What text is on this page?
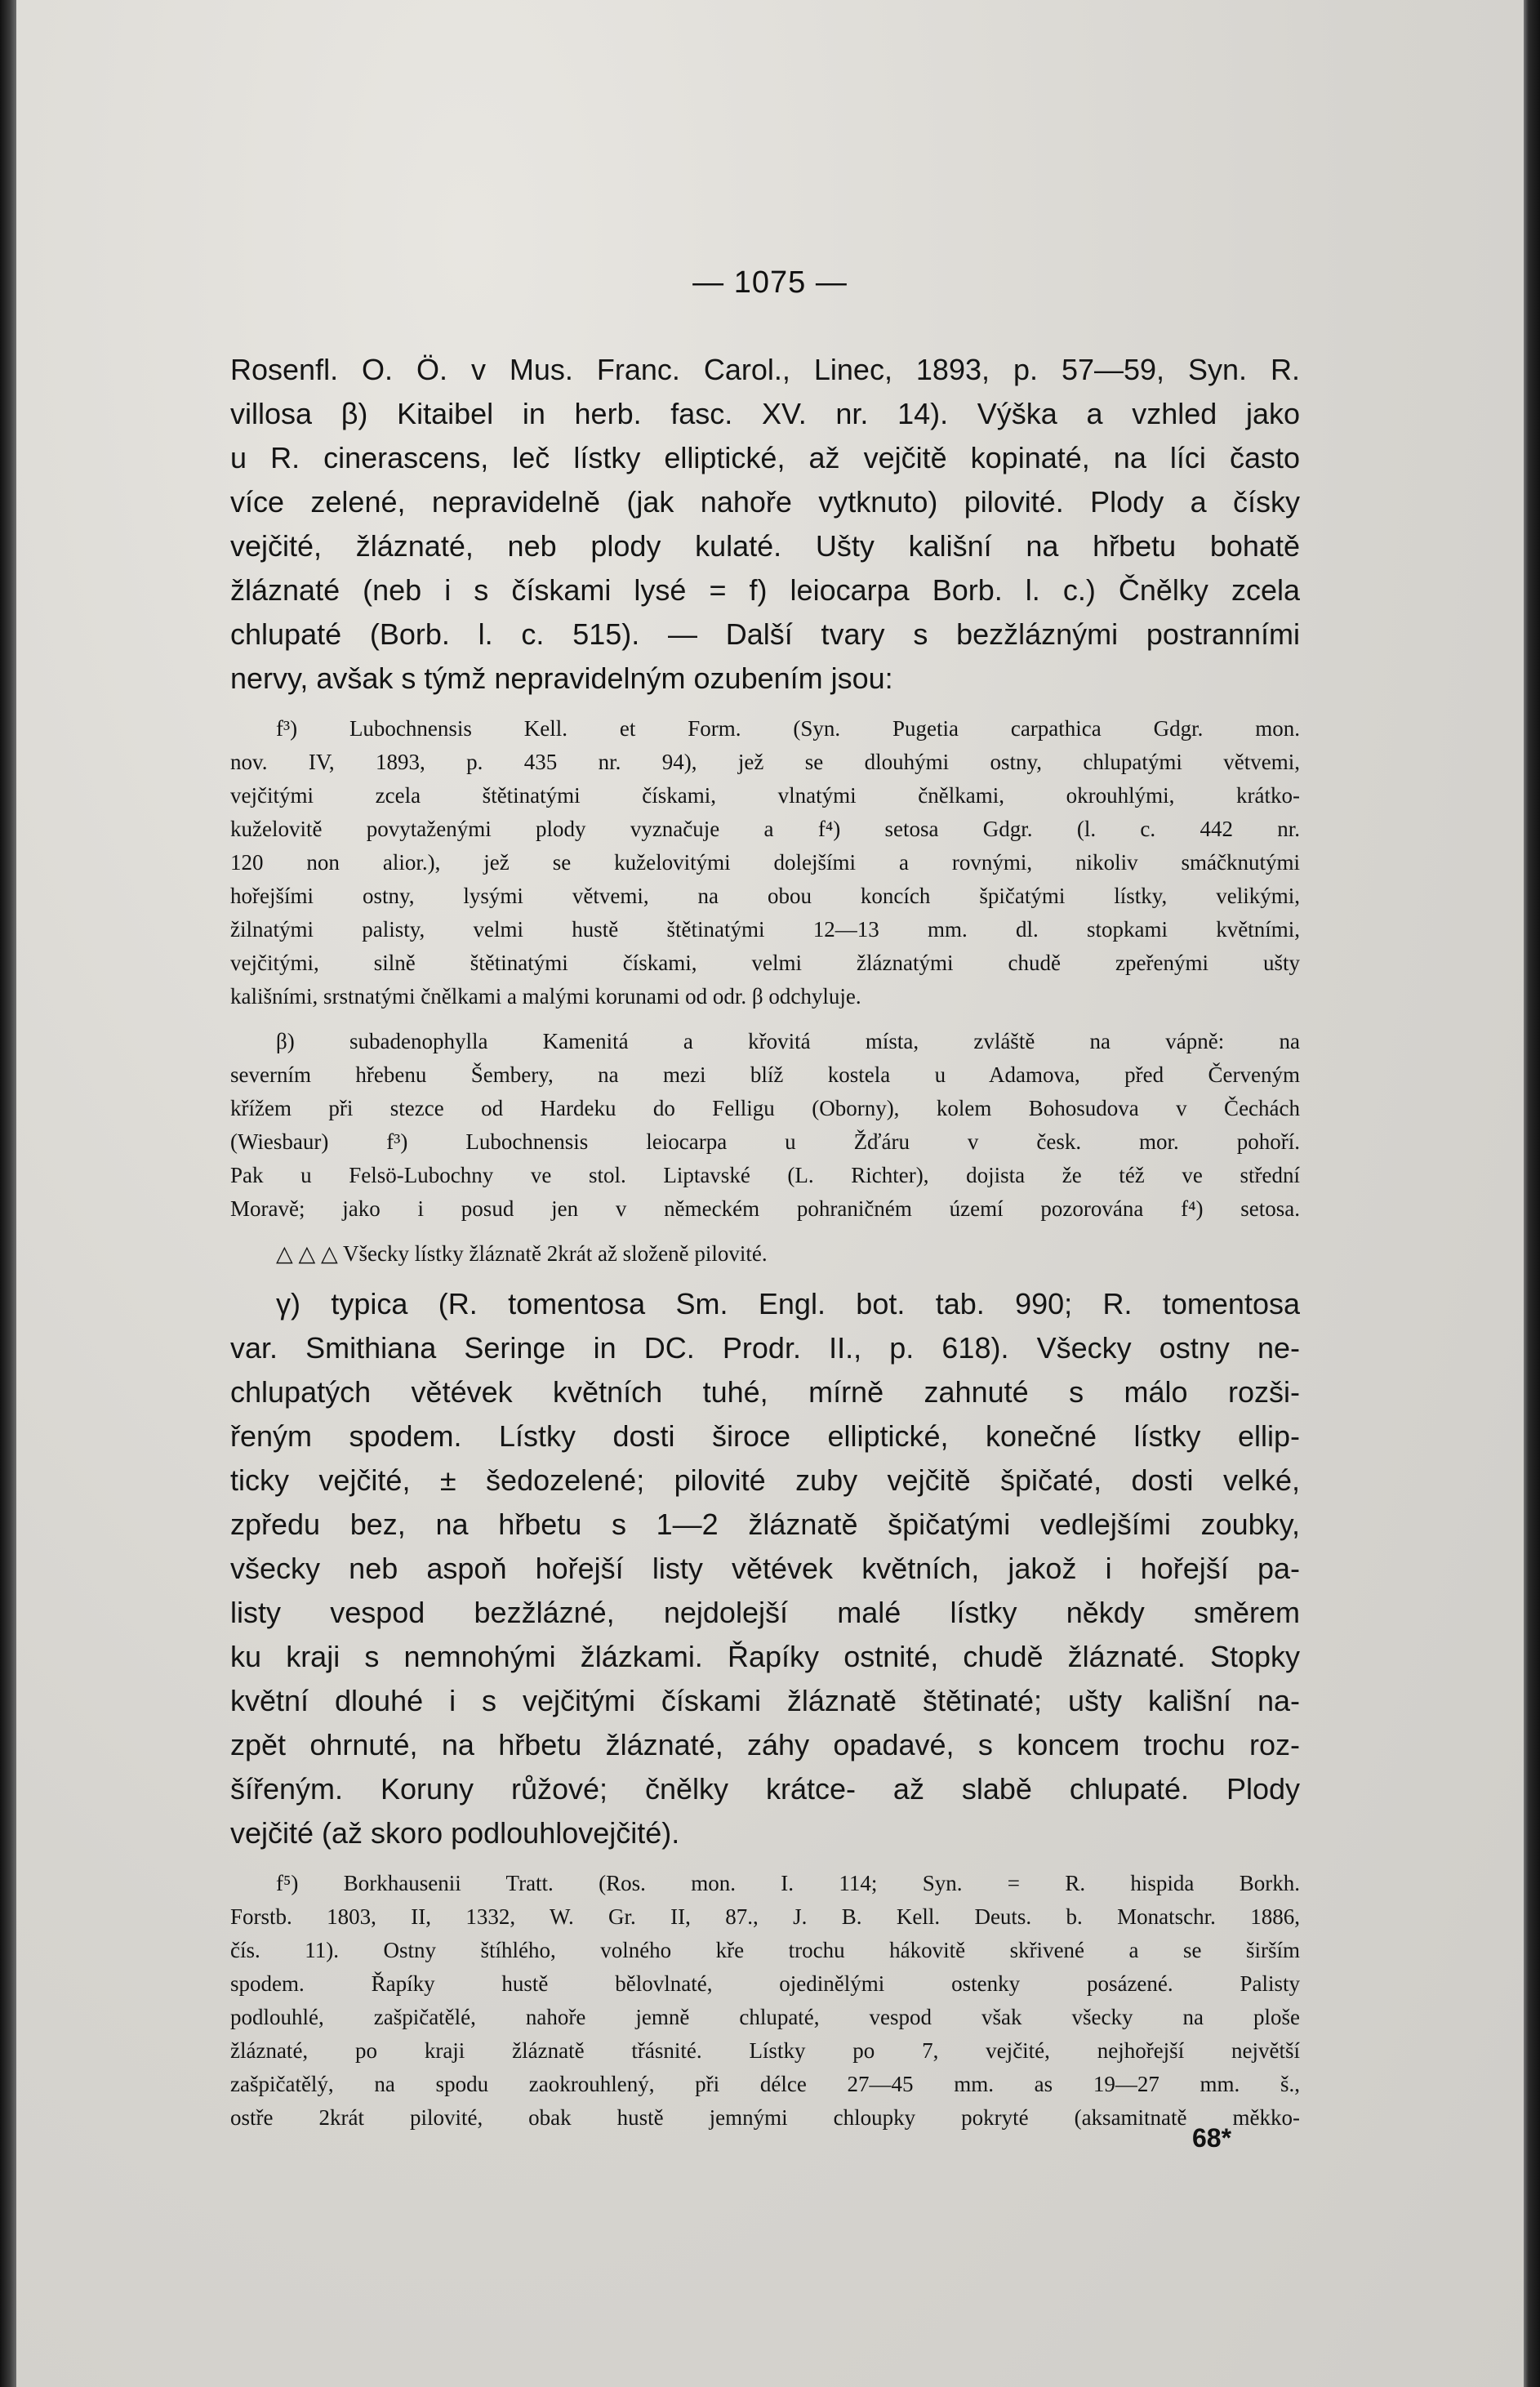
— 1075 —
Rosenfl. O. Ö. v Mus. Franc. Carol., Linec, 1893, p. 57—59, Syn. R.
villosa β) Kitaibel in herb. fasc. XV. nr. 14). Výška a vzhled jako
u R. cinerascens, leč lístky elliptické, až vejčitě kopinaté, na líci často
více zelené, nepravidelně (jak nahoře vytknuto) pilovité. Plody a čísky
vejčité, žláznaté, neb plody kulaté. Ušty kališní na hřbetu bohatě
žláznaté (neb i s čískami lysé = f) leiocarpa Borb. l. c.) Čnělky zcela
chlupaté (Borb. l. c. 515). — Další tvary s bezžláznými postranními
nervy, avšak s týmž nepravidelným ozubením jsou:
f³) Lubochnensis Kell. et Form. (Syn. Pugetia carpathica Gdgr. mon.
nov. IV, 1893, p. 435 nr. 94), jež se dlouhými ostny, chlupatými větvemi,
vejčitými zcela štětinatými čískami, vlnatými čnělkami, okrouhlými, krátko-
kuželovitě povytaženými plody vyznačuje a f⁴) setosa Gdgr. (l. c. 442 nr.
120 non alior.), jež se kuželovitými dolejšími a rovnými, nikoliv smáčknutými
hořejšími ostny, lysými větvemi, na obou koncích špičatými lístky, velikými,
žilnatými palisty, velmi hustě štětinatými 12—13 mm. dl. stopkami květními,
vejčitými, silně štětinatými čískami, velmi žláznatými chudě zpeřenými ušty
kališními, srstnatými čnělkami a malými korunami od odr. β odchyluje.
β) subadenophylla Kamenitá a křovitá místa, zvláště na vápně: na
severním hřebenu Šembery, na mezi blíž kostela u Adamova, před Červeným
křížem při stezce od Hardeku do Felligu (Oborny), kolem Bohosudova v Čechách
(Wiesbaur) f³) Lubochnensis leiocarpa u Žďáru v česk. mor. pohoří.
Pak u Felsö-Lubochny ve stol. Liptavské (L. Richter), dojista že též ve střední
Moravě; jako i posud jen v německém pohraničném území pozorována f⁴) setosa.
△ △ △ Všecky lístky žláznatě 2krát až složeně pilovité.
γ) typica (R. tomentosa Sm. Engl. bot. tab. 990; R. tomentosa
var. Smithiana Seringe in DC. Prodr. II., p. 618). Všecky ostny ne-
chlupatých větévek květních tuhé, mírně zahnuté s málo rozši-
řeným spodem. Lístky dosti široce elliptické, konečné lístky ellip-
ticky vejčité, ± šedozelené; pilovité zuby vejčitě špičaté, dosti velké,
zpředu bez, na hřbetu s 1—2 žláznatě špičatými vedlejšími zoubky,
všecky neb aspoň hořejší listy větévek květních, jakož i hořejší pa-
listy vespod bezžlázné, nejdolejší malé lístky někdy směrem
ku kraji s nemnohými žlázkami. Řapíky ostnité, chudě žláznaté. Stopky
květní dlouhé i s vejčitými čískami žláznatě štětinaté; ušty kališní na-
zpět ohrnuté, na hřbetu žláznaté, záhy opadavé, s koncem trochu roz-
šířeným. Koruny růžové; čnělky krátce- až slabě chlupaté. Plody
vejčité (až skoro podlouhlovejčité).
f⁵) Borkhausenii Tratt. (Ros. mon. I. 114; Syn. = R. hispida Borkh.
Forstb. 1803, II, 1332, W. Gr. II, 87., J. B. Kell. Deuts. b. Monatschr. 1886,
čís. 11). Ostny štíhlého, volného kře trochu hákovitě skřivené a se širším
spodem. Řapíky hustě bělovlnaté, ojedinělými ostenky posázené. Palisty
podlouhlé, zašpičatělé, nahoře jemně chlupaté, vespod však všecky na ploše
žláznaté, po kraji žláznatě třásnité. Lístky po 7, vejčité, nejhořejší největší
zašpičatělý, na spodu zaokrouhlený, při délce 27—45 mm. as 19—27 mm. š.,
ostře 2krát pilovité, obak hustě jemnými chloupky pokryté (aksamitnatě měkko-
68*
